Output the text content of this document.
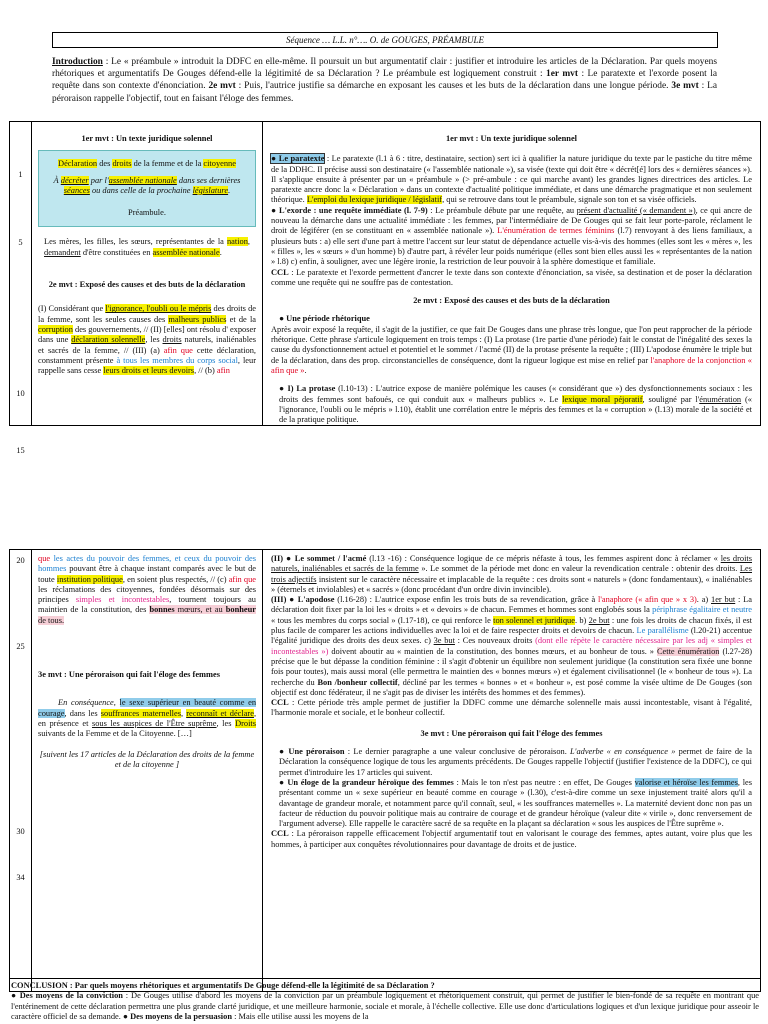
Séquence … L.L. n°…. O. de GOUGES, PRÉAMBULE
Introduction : Le « préambule » introduit la DDFC en elle-même. Il poursuit un but argumentatif clair : justifier et introduire les articles de la Déclaration. Par quels moyens rhétoriques et argumentatifs De Gouges défend-elle la légitimité de sa Déclaration ? Le préambule est logiquement construit : 1er mvt : Le paratexte et l'exorde posent la requête dans son contexte d'énonciation. 2e mvt : Puis, l'autrice justifie sa démarche en exposant les causes et les buts de la déclaration dans une longue période. 3e mvt : La péroraison rappelle l'objectif, tout en faisant l'éloge des femmes.
1
5
10
15

1er mvt : Un texte juridique solennel
Déclaration des droits de la femme et de la citoyenne
À décréter par l'assemblée nationale dans ses dernières séances ou dans celle de la prochaine législature.
Préambule.
Les mères, les filles, les sœurs, représentantes de la nation, demandent d'être constituées en assemblée nationale.
2e mvt : Exposé des causes et des buts de la déclaration
(I) Considérant que l'ignorance, l'oubli ou le mépris des droits de la femme, sont les seules causes des malheurs publics et de la corruption des gouvernements, // (II) [elles] ont résolu d' exposer dans une déclaration solennelle, les droits naturels, inaliénables et sacrés de la femme, // (III) (a) afin que cette déclaration, constamment présente à tous les membres du corps social, leur rappelle sans cesse leurs droits et leurs devoirs, // (b) afin

1er mvt : Un texte juridique solennel
● Le paratexte : Le paratexte (l.1 à 6 : titre, destinataire, section) sert ici à qualifier la nature juridique du texte par le pastiche du titre même de la DDHC. Il précise aussi son destinataire (« l'assemblée nationale »), sa visée (texte qui doit être « décrét[é] lors des « dernières séances »). Il s'applique ensuite à présenter par un « préambule » (> pré-ambule : ce qui marche avant) les grandes lignes directrices des articles. Le paratexte ancre donc la « Déclaration » dans un contexte d'actualité politique immédiate, et dans une démarche pragmatique et non seulement théorique. L'emploi du lexique juridique / législatif, qui se retrouve dans tout le préambule, signale son ton et sa visée officiels.
● L'exorde : une requête immédiate (l. 7-9) : Le préambule débute par une requête, au présent d'actualité (« demandent »), ce qui ancre de nouveau la démarche dans une actualité immédiate : les femmes, par l'intermédiaire de De Gouges qui se fait leur porte-parole, réclament le droit de légiférer (en se constituant en « assemblée nationale »). L'énumération de termes féminins (l.7) renvoyant à des liens familiaux, a plusieurs buts : a) elle sert d'une part à mettre l'accent sur leur statut de dépendance actuelle vis-à-vis des hommes (elles sont les « mères », les « filles », les « sœurs » d'un homme) b) d'autre part, à révéler leur poids numérique (elles sont bien elles aussi les « représentantes de la nation » l.8) c) enfin, à souligner, avec une légère ironie, la restriction de leur pouvoir à la sphère domestique et familiale.
CCL : Le paratexte et l'exorde permettent d'ancrer le texte dans son contexte d'énonciation, sa visée, sa destination et de poser la déclaration comme une requête qui ne souffre pas de contestation.
2e mvt : Exposé des causes et des buts de la déclaration
● Une période rhétorique
Après avoir exposé la requête, il s'agit de la justifier, ce que fait De Gouges dans une phrase très longue, que l'on peut rapprocher de la période rhétorique. Cette phrase s'articule logiquement en trois temps : (I) La protase (1re partie d'une période) fait le constat de l'inégalité des sexes la cause du dysfonctionnement actuel et potentiel et le sommet / l'acmé (II) de la protase présente la requête ; (III) L'apodose énumère le triple but de la déclaration, dans des prop. circonstancielles de conséquence, dont la rigueur logique est mise en relief par l'anaphore de la conjonction « afin que ».
● I) La protase (l.10-13) : L'autrice expose de manière polémique les causes (« considérant que ») des dysfonctionnements sociaux : les droits des femmes sont bafoués, ce qui conduit aux « malheurs publics ». Le lexique moral péjoratif, souligné par l'énumération (« l'ignorance, l'oubli ou le mépris » l.10), établit une corrélation entre le mépris des femmes et la « corruption » (l.13) morale de la société et de la pratique politique.
20
25
30
34

que les actes du pouvoir des femmes, et ceux du pouvoir des hommes pouvant être à chaque instant comparés avec le but de toute institution politique, en soient plus respectés, // (c) afin que les réclamations des citoyennes, fondées désormais sur des principes simples et incontestables, tournent toujours au maintien de la constitution, des bonnes mœurs, et au bonheur de tous.
3e mvt : Une péroraison qui fait l'éloge des femmes
En conséquence, le sexe supérieur en beauté comme en courage, dans les souffrances maternelles, reconnaît et déclare, en présence et sous les auspices de l'Être suprême, les Droits suivants de la Femme et de la Citoyenne. […]
[suivent les 17 articles de la Déclaration des droits de la femme et de la citoyenne ]

(II) ● Le sommet / l'acmé (l.13 -16) : Conséquence logique de ce mépris néfaste à tous, les femmes aspirent donc à réclamer « les droits naturels, inaliénables et sacrés de la femme ». Le sommet de la période met donc en valeur la revendication centrale : obtenir des droits. Les trois adjectifs insistent sur le caractère nécessaire et implacable de la requête : ces droits sont « naturels » (donc fondamentaux), « inaliénables » (éternels et inviolables) et « sacrés » (donc procédant d'un ordre divin invincible).
(III) ● L'apodose (l.16-28) : L'autrice expose enfin les trois buts de sa revendication, grâce à l'anaphore (« afin que » x 3). a) 1er but : La déclaration doit fixer par la loi les « droits » et « devoirs » de chacun. Femmes et hommes sont englobés sous la périphrase égalitaire et neutre « tous les membres du corps social » (l.17-18), ce qui renforce le ton solennel et juridique. b) 2e but : une fois les droits de chacun fixés, il est plus facile de comparer les actions individuelles avec la loi et de faire respecter droits et devoirs de chacun. Le parallélisme (l.20-21) accentue l'égalité juridique des droits des deux sexes. c) 3e but : Ces nouveaux droits (dont elle répète le caractère nécessaire par les adj « simples et incontestables ») doivent aboutir au « maintien de la constitution, des bonnes mœurs, et au bonheur de tous. » Cette énumération (l.27-28) précise que le but dépasse la condition féminine : il s'agit d'obtenir un équilibre non seulement juridique (la constitution sera fixée une bonne fois pour toutes), mais aussi moral (elle permettra le maintien des « bonnes mœurs ») et également civilisationnel (le « bonheur de tous »). La recherche du Bon /bonheur collectif, décliné par les termes « bonnes » et « bonheur », est posé comme la visée ultime de De Gouges (son objectif est donc fédérateur, il ne s'agit pas de diviser les intérêts des hommes et des femmes).
CCL : Cette période très ample permet de justifier la DDFC comme une démarche solennelle mais aussi incontestable, visant à l'égalité, l'harmonie morale et sociale, et le bonheur collectif.
3e mvt : Une péroraison qui fait l'éloge des femmes
● Une péroraison : Le dernier paragraphe a une valeur conclusive de péroraison. L'adverbe « en conséquence » permet de faire de la Déclaration la conséquence logique de tous les arguments précédents. De Gouges rappelle l'objectif (justifier l'existence de la DDFC), ce qui permet d'introduire les 17 articles qui suivent.
● Un éloge de la grandeur héroïque des femmes : Mais le ton n'est pas neutre : en effet, De Gouges valorise et héroïse les femmes, les présentant comme un « sexe supérieur en beauté comme en courage » (l.30), c'est-à-dire comme un sexe injustement traité alors qu'il a davantage de grandeur morale, et notamment parce qu'il connaît, seul, « les souffrances maternelles ». La maternité devient donc non pas un facteur de réduction du pouvoir politique mais au contraire de courage et de grandeur héroïque (valeur dite « virile », donc renversement de l'argument adverse). Elle rappelle le caractère sacré de sa requête en la plaçant sa déclaration « sous les auspices de l'Être suprême ».
CCL : La péroraison rappelle efficacement l'objectif argumentatif tout en valorisant le courage des femmes, aptes autant, voire plus que les hommes, à participer aux conquêtes révolutionnaires pour davantage de droits et de justice.
CONCLUSION : Par quels moyens rhétoriques et argumentatifs De Gouge défend-elle la légitimité de sa Déclaration ?
● Des moyens de la conviction : De Gouges utilise d'abord les moyens de la conviction par un préambule logiquement et rhétoriquement construit, qui permet de justifier le bien-fondé de sa requête en montrant que l'entérinement de cette déclaration permettra une plus grande clarté juridique, et une meilleure harmonie, sociale et morale, à l'échelle collective. Elle use donc d'articulations logiques et d'un lexique juridique pour asseoir le caractère officiel de sa demande. ● Des moyens de la persuasion : Mais elle utilise aussi les moyens de la
